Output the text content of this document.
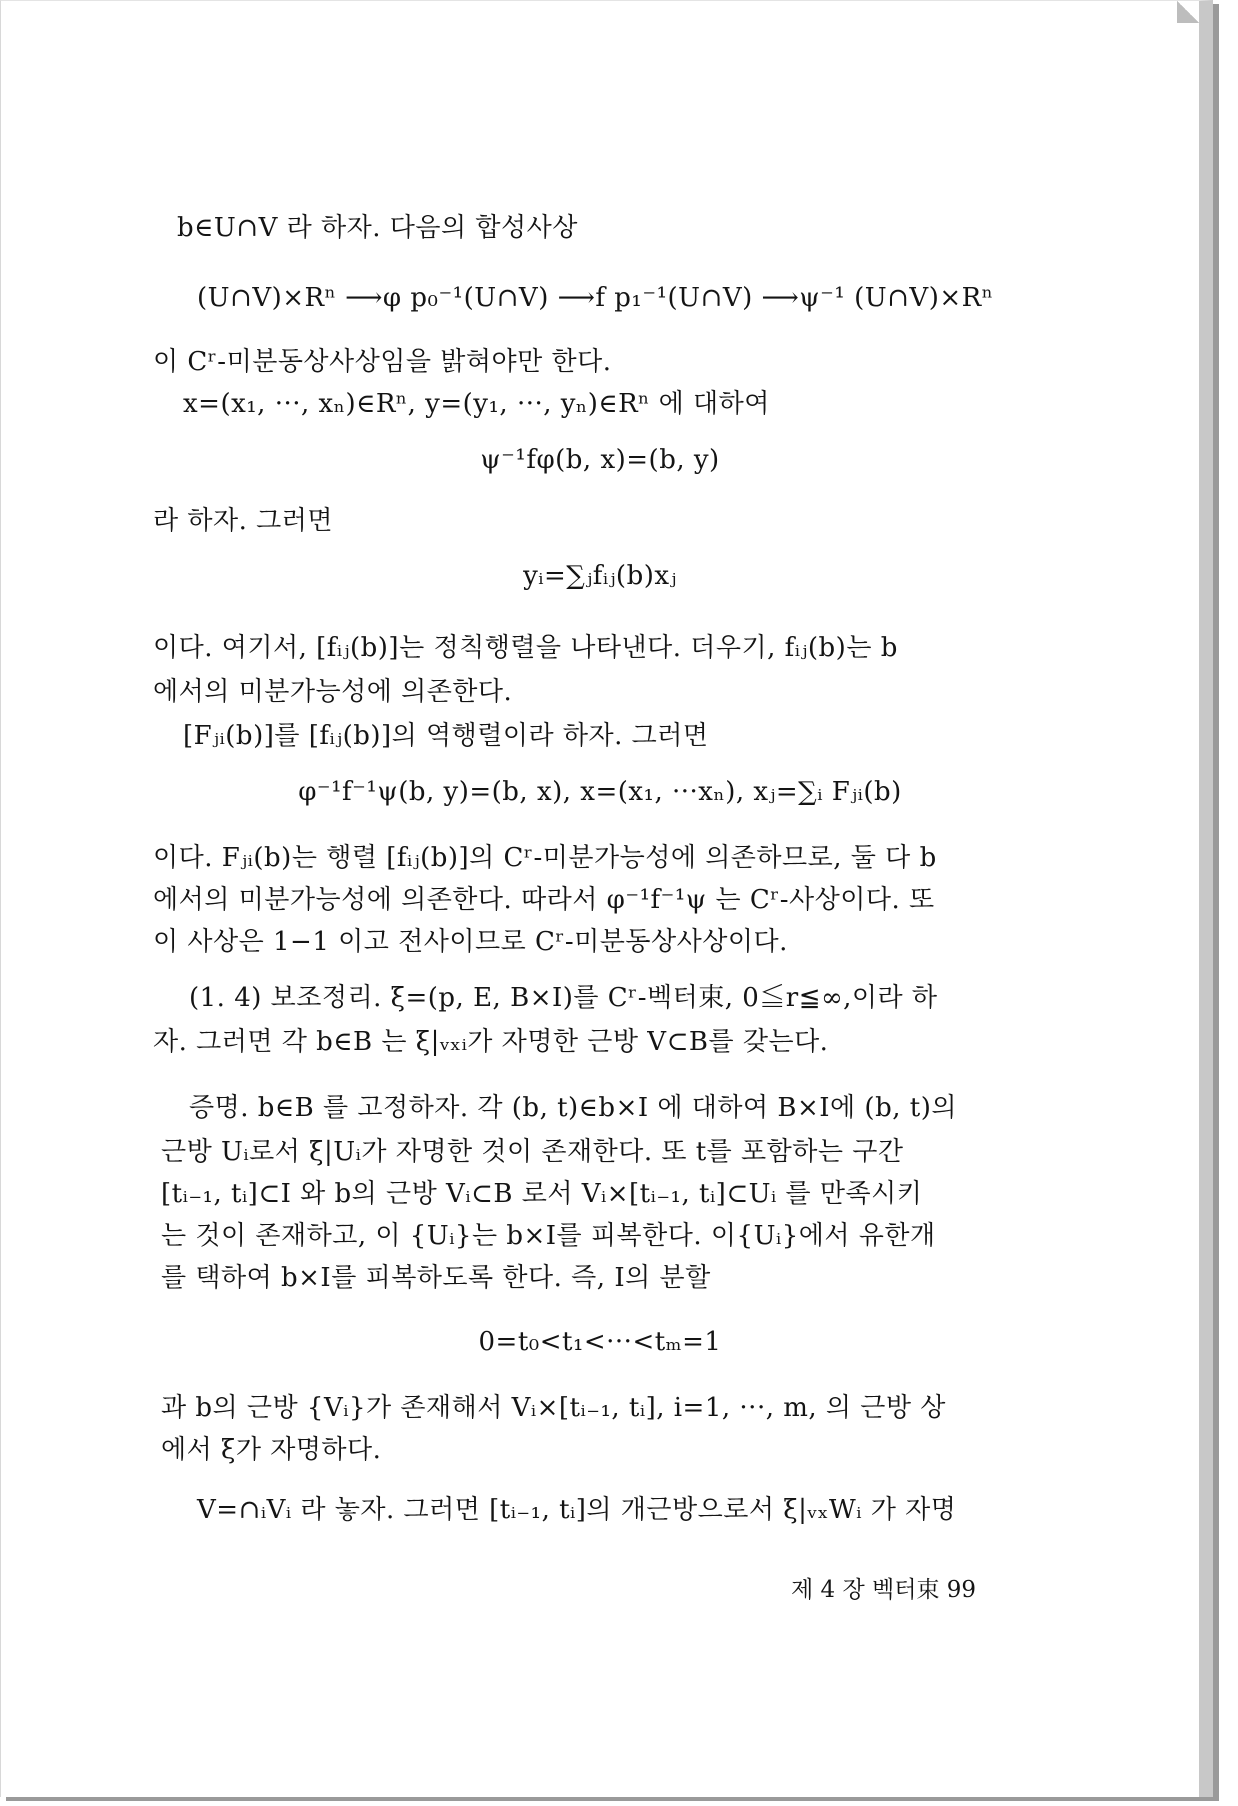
b∈U∩V 라 하자. 다음의 합성사상
(U∩V)×Rⁿ ⟶φ p₀⁻¹(U∩V) ⟶f p₁⁻¹(U∩V) ⟶ψ⁻¹ (U∩V)×Rⁿ
이 Cʳ-미분동상사상임을 밝혀야만 한다.
x=(x₁, ···, xₙ)∈Rⁿ, y=(y₁, ···, yₙ)∈Rⁿ 에 대하여
ψ⁻¹fφ(b, x)=(b, y)
라 하자. 그러면
yᵢ=∑ⱼfᵢⱼ(b)xⱼ
이다. 여기서, [fᵢⱼ(b)]는 정칙행렬을 나타낸다. 더우기, fᵢⱼ(b)는 b
에서의 미분가능성에 의존한다.
[Fⱼᵢ(b)]를 [fᵢⱼ(b)]의 역행렬이라 하자. 그러면
φ⁻¹f⁻¹ψ(b, y)=(b, x), x=(x₁, ···xₙ), xⱼ=∑ᵢ Fⱼᵢ(b)
이다. Fⱼᵢ(b)는 행렬 [fᵢⱼ(b)]의 Cʳ-미분가능성에 의존하므로, 둘 다 b
에서의 미분가능성에 의존한다. 따라서 φ⁻¹f⁻¹ψ 는 Cʳ-사상이다. 또
이 사상은 1−1 이고 전사이므로 Cʳ-미분동상사상이다.
(1. 4) 보조정리. ξ=(p, E, B×I)를 Cʳ-벡터束, 0≦r≦∞,이라 하
자. 그러면 각 b∈B 는 ξ|ᵥₓᵢ가 자명한 근방 V⊂B를 갖는다.
증명. b∈B 를 고정하자. 각 (b, t)∈b×I 에 대하여 B×I에 (b, t)의
근방 Uᵢ로서 ξ|Uᵢ가 자명한 것이 존재한다. 또 t를 포함하는 구간
[tᵢ₋₁, tᵢ]⊂I 와 b의 근방 Vᵢ⊂B 로서 Vᵢ×[tᵢ₋₁, tᵢ]⊂Uᵢ 를 만족시키
는 것이 존재하고, 이 {Uᵢ}는 b×I를 피복한다. 이{Uᵢ}에서 유한개
를 택하여 b×I를 피복하도록 한다. 즉, I의 분할
0=t₀<t₁<···<tₘ=1
과 b의 근방 {Vᵢ}가 존재해서 Vᵢ×[tᵢ₋₁, tᵢ], i=1, ···, m, 의 근방 상
에서 ξ가 자명하다.
V=∩ᵢVᵢ 라 놓자. 그러면 [tᵢ₋₁, tᵢ]의 개근방으로서 ξ|ᵥₓWᵢ 가 자명
제 4 장 벡터束 99
